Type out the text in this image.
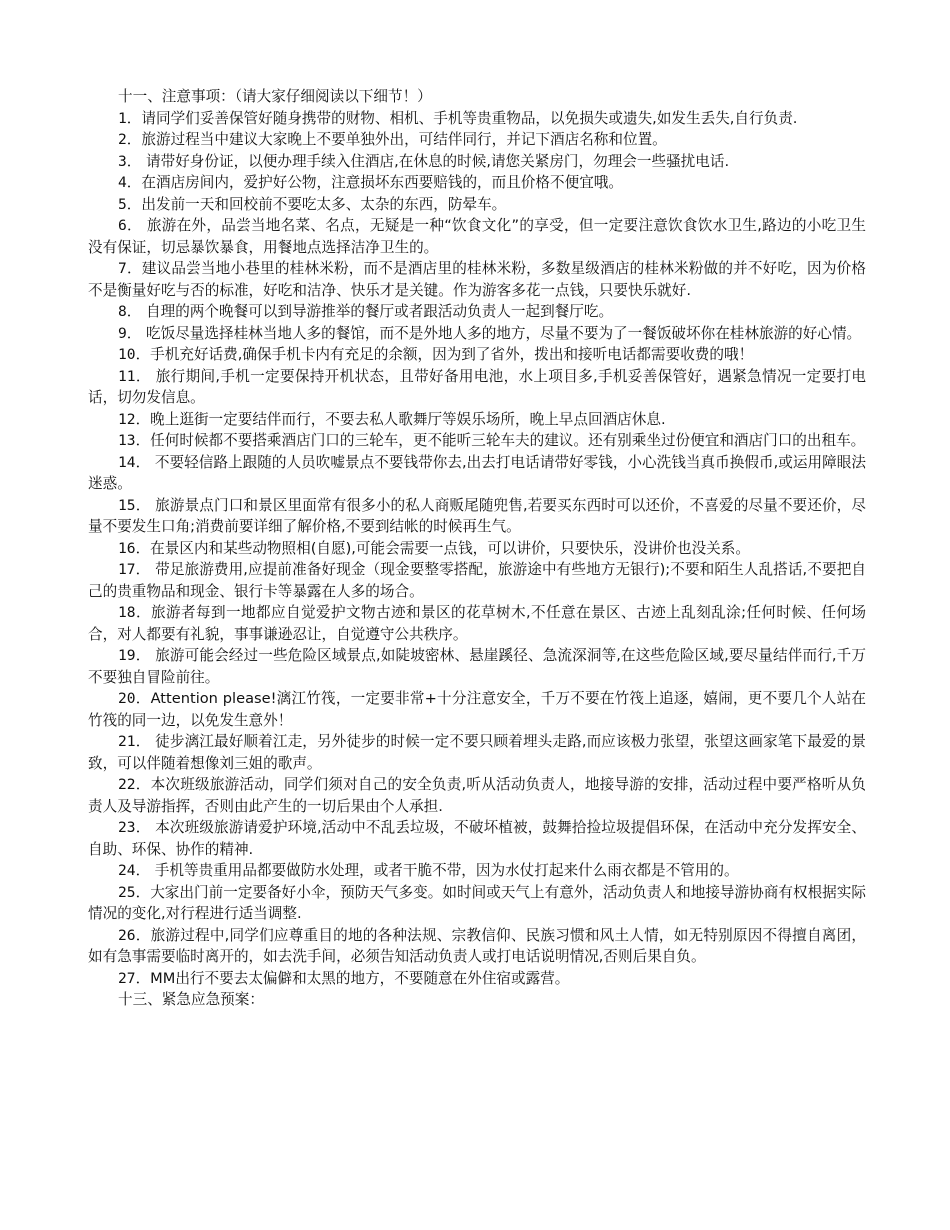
十一、注意事项：（请大家仔细阅读以下细节！）

1．请同学们妥善保管好随身携带的财物、相机、手机等贵重物品，以免损失或遗失,如发生丢失,自行负责.

2．旅游过程当中建议大家晚上不要单独外出，可结伴同行，并记下酒店名称和位置。

3． 请带好身份证，以便办理手续入住酒店,在休息的时候,请您关紧房门，勿理会一些骚扰电话.

4．在酒店房间内，爱护好公物，注意损坏东西要赔钱的，而且价格不便宜哦。

5．出发前一天和回校前不要吃太多、太杂的东西，防晕车。

6． 旅游在外，品尝当地名菜、名点，无疑是一种“饮食文化”的享受，但一定要注意饮食饮水卫生,路边的小吃卫生没有保证，切忌暴饮暴食，用餐地点选择洁净卫生的。

7．建议品尝当地小巷里的桂林米粉，而不是酒店里的桂林米粉，多数星级酒店的桂林米粉做的并不好吃，因为价格不是衡量好吃与否的标准，好吃和洁净、快乐才是关键。作为游客多花一点钱，只要快乐就好.

8． 自理的两个晚餐可以到导游推举的餐厅或者跟活动负责人一起到餐厅吃。

9． 吃饭尽量选择桂林当地人多的餐馆，而不是外地人多的地方，尽量不要为了一餐饭破坏你在桂林旅游的好心情。

10．手机充好话费,确保手机卡内有充足的余额，因为到了省外，拨出和接听电话都需要收费的哦！

11． 旅行期间,手机一定要保持开机状态，且带好备用电池，水上项目多,手机妥善保管好，遇紧急情况一定要打电话，切勿发信息。

12．晚上逛街一定要结伴而行，不要去私人歌舞厅等娱乐场所，晚上早点回酒店休息.

13．任何时候都不要搭乘酒店门口的三轮车，更不能听三轮车夫的建议。还有别乘坐过份便宜和酒店门口的出租车。

14． 不要轻信路上跟随的人员吹嘘景点不要钱带你去,出去打电话请带好零钱，小心洗钱当真币换假币,或运用障眼法迷惑。

15． 旅游景点门口和景区里面常有很多小的私人商贩尾随兜售,若要买东西时可以还价，不喜爱的尽量不要还价，尽量不要发生口角;消费前要详细了解价格,不要到结帐的时候再生气。

16．在景区内和某些动物照相(自愿),可能会需要一点钱，可以讲价，只要快乐，没讲价也没关系。

17． 带足旅游费用,应提前准备好现金（现金要整零搭配，旅游途中有些地方无银行);不要和陌生人乱搭话,不要把自己的贵重物品和现金、银行卡等暴露在人多的场合。

18．旅游者每到一地都应自觉爱护文物古迹和景区的花草树木,不任意在景区、古迹上乱刻乱涂;任何时候、任何场合，对人都要有礼貌，事事谦逊忍让，自觉遵守公共秩序。

19． 旅游可能会经过一些危险区域景点,如陡坡密林、悬崖蹊径、急流深洞等,在这些危险区域,要尽量结伴而行,千万不要独自冒险前往。

20．Attention please!漓江竹筏，一定要非常+十分注意安全，千万不要在竹筏上追逐，嬉闹，更不要几个人站在竹筏的同一边，以免发生意外！

21． 徒步漓江最好顺着江走，另外徒步的时候一定不要只顾着埋头走路,而应该极力张望，张望这画家笔下最爱的景致，可以伴随着想像刘三姐的歌声。

22．本次班级旅游活动，同学们须对自己的安全负责,听从活动负责人，地接导游的安排，活动过程中要严格听从负责人及导游指挥，否则由此产生的一切后果由个人承担.

23． 本次班级旅游请爱护环境,活动中不乱丢垃圾，不破坏植被，鼓舞拾捡垃圾提倡环保，在活动中充分发挥安全、自助、环保、协作的精神.

24． 手机等贵重用品都要做防水处理，或者干脆不带，因为水仗打起来什么雨衣都是不管用的。

25．大家出门前一定要备好小伞，预防天气多变。如时间或天气上有意外，活动负责人和地接导游协商有权根据实际情况的变化,对行程进行适当调整.

26．旅游过程中,同学们应尊重目的地的各种法规、宗教信仰、民族习惯和风土人情，如无特别原因不得擅自离团，如有急事需要临时离开的，如去洗手间，必须告知活动负责人或打电话说明情况,否则后果自负。

27．MM出行不要去太偏僻和太黑的地方，不要随意在外住宿或露营。

十三、紧急应急预案：
